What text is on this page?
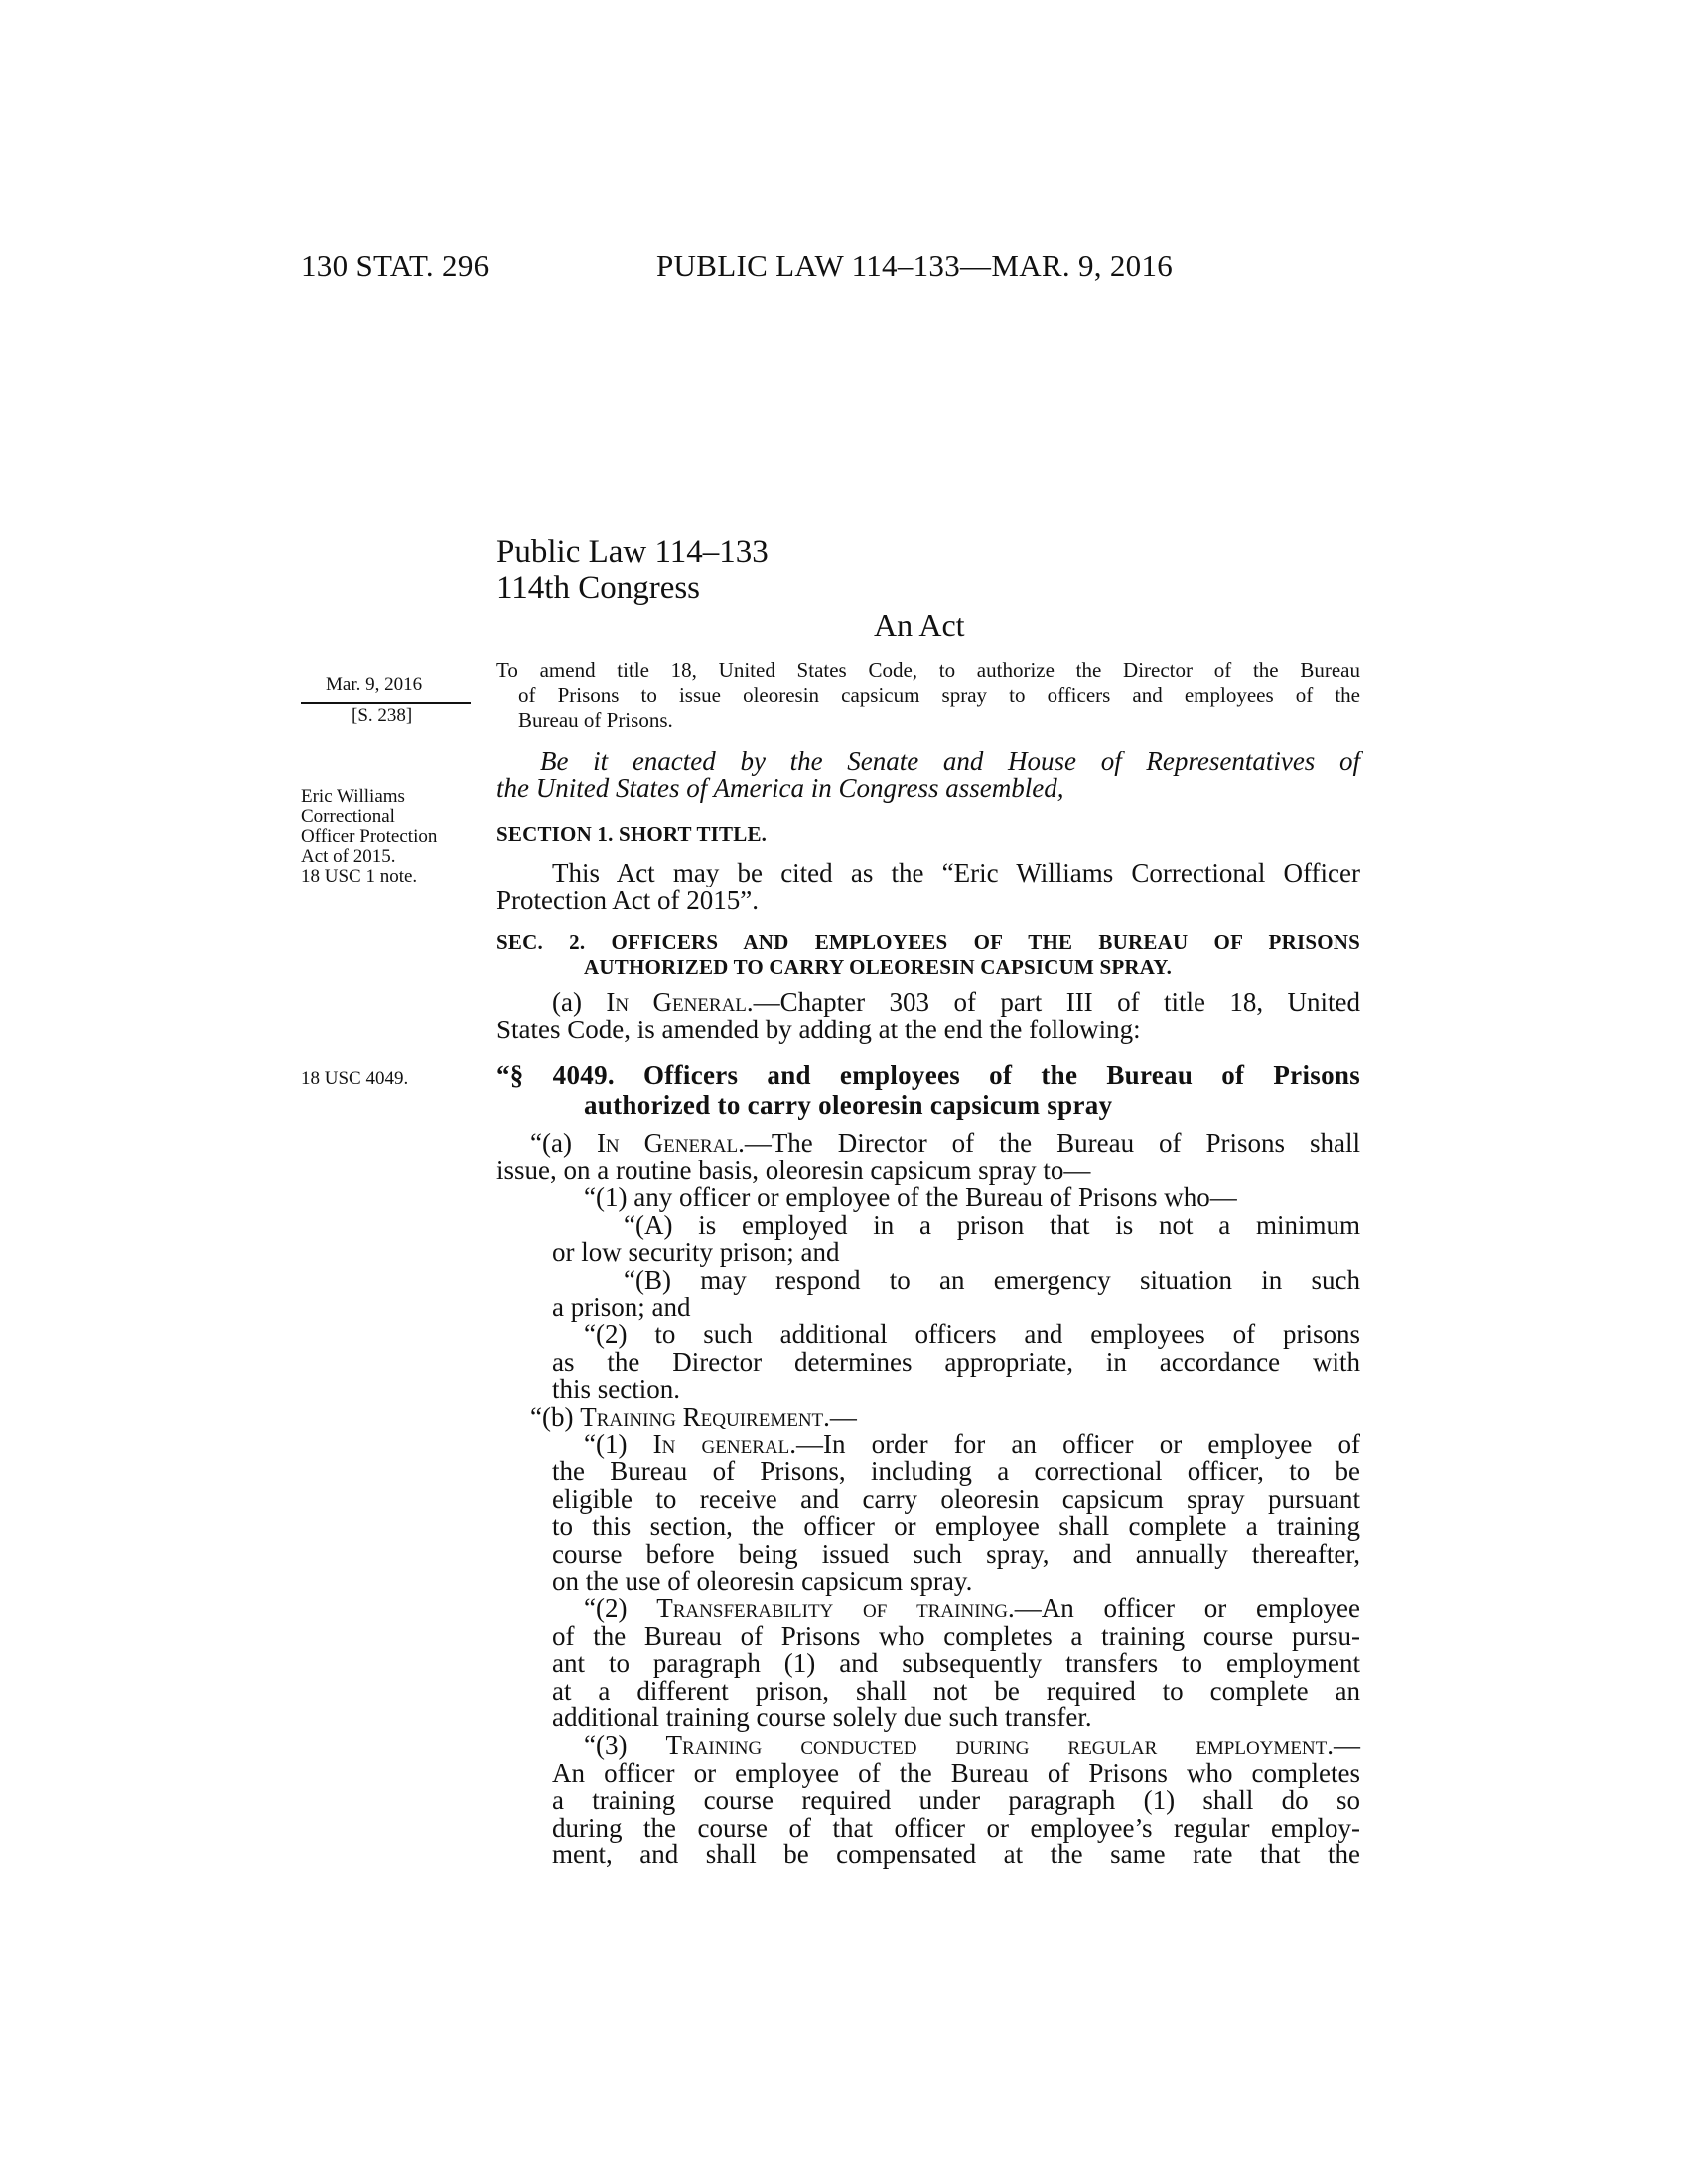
130 STAT. 296	PUBLIC LAW 114–133—MAR. 9, 2016
Public Law 114–133
114th Congress
An Act
Mar. 9, 2016
[S. 238]
Eric Williams
Correctional
Officer Protection
Act of 2015.
18 USC 1 note.
18 USC 4049.
To amend title 18, United States Code, to authorize the Director of the Bureau
of Prisons to issue oleoresin capsicum spray to officers and employees of the
Bureau of Prisons.
Be it enacted by the Senate and House of Representatives of
the United States of America in Congress assembled,
SECTION 1. SHORT TITLE.

This Act may be cited as the “Eric Williams Correctional Officer

Protection Act of 2015”.

SEC. 2. OFFICERS AND EMPLOYEES OF THE BUREAU OF PRISONS
AUTHORIZED TO CARRY OLEORESIN CAPSICUM SPRAY.

(a) In General.—Chapter 303 of part III of title 18, United

States Code, is amended by adding at the end the following:

“§ 4049. Officers and employees of the Bureau of Prisons
authorized to carry oleoresin capsicum spray

“(a) In General.—The Director of the Bureau of Prisons shall

issue, on a routine basis, oleoresin capsicum spray to—

“(1) any officer or employee of the Bureau of Prisons who—

“(A) is employed in a prison that is not a minimum

or low security prison; and

“(B) may respond to an emergency situation in such

a prison; and

“(2) to such additional officers and employees of prisons

as the Director determines appropriate, in accordance with

this section.

“(b) Training Requirement.—

“(1) In general.—In order for an officer or employee of

the Bureau of Prisons, including a correctional officer, to be

eligible to receive and carry oleoresin capsicum spray pursuant

to this section, the officer or employee shall complete a training

course before being issued such spray, and annually thereafter,

on the use of oleoresin capsicum spray.

“(2) Transferability of training.—An officer or employee

of the Bureau of Prisons who completes a training course pursu-

ant to paragraph (1) and subsequently transfers to employment

at a different prison, shall not be required to complete an

additional training course solely due such transfer.

“(3) Training conducted during regular employment.—

An officer or employee of the Bureau of Prisons who completes

a training course required under paragraph (1) shall do so

during the course of that officer or employee’s regular employ-

ment, and shall be compensated at the same rate that the
